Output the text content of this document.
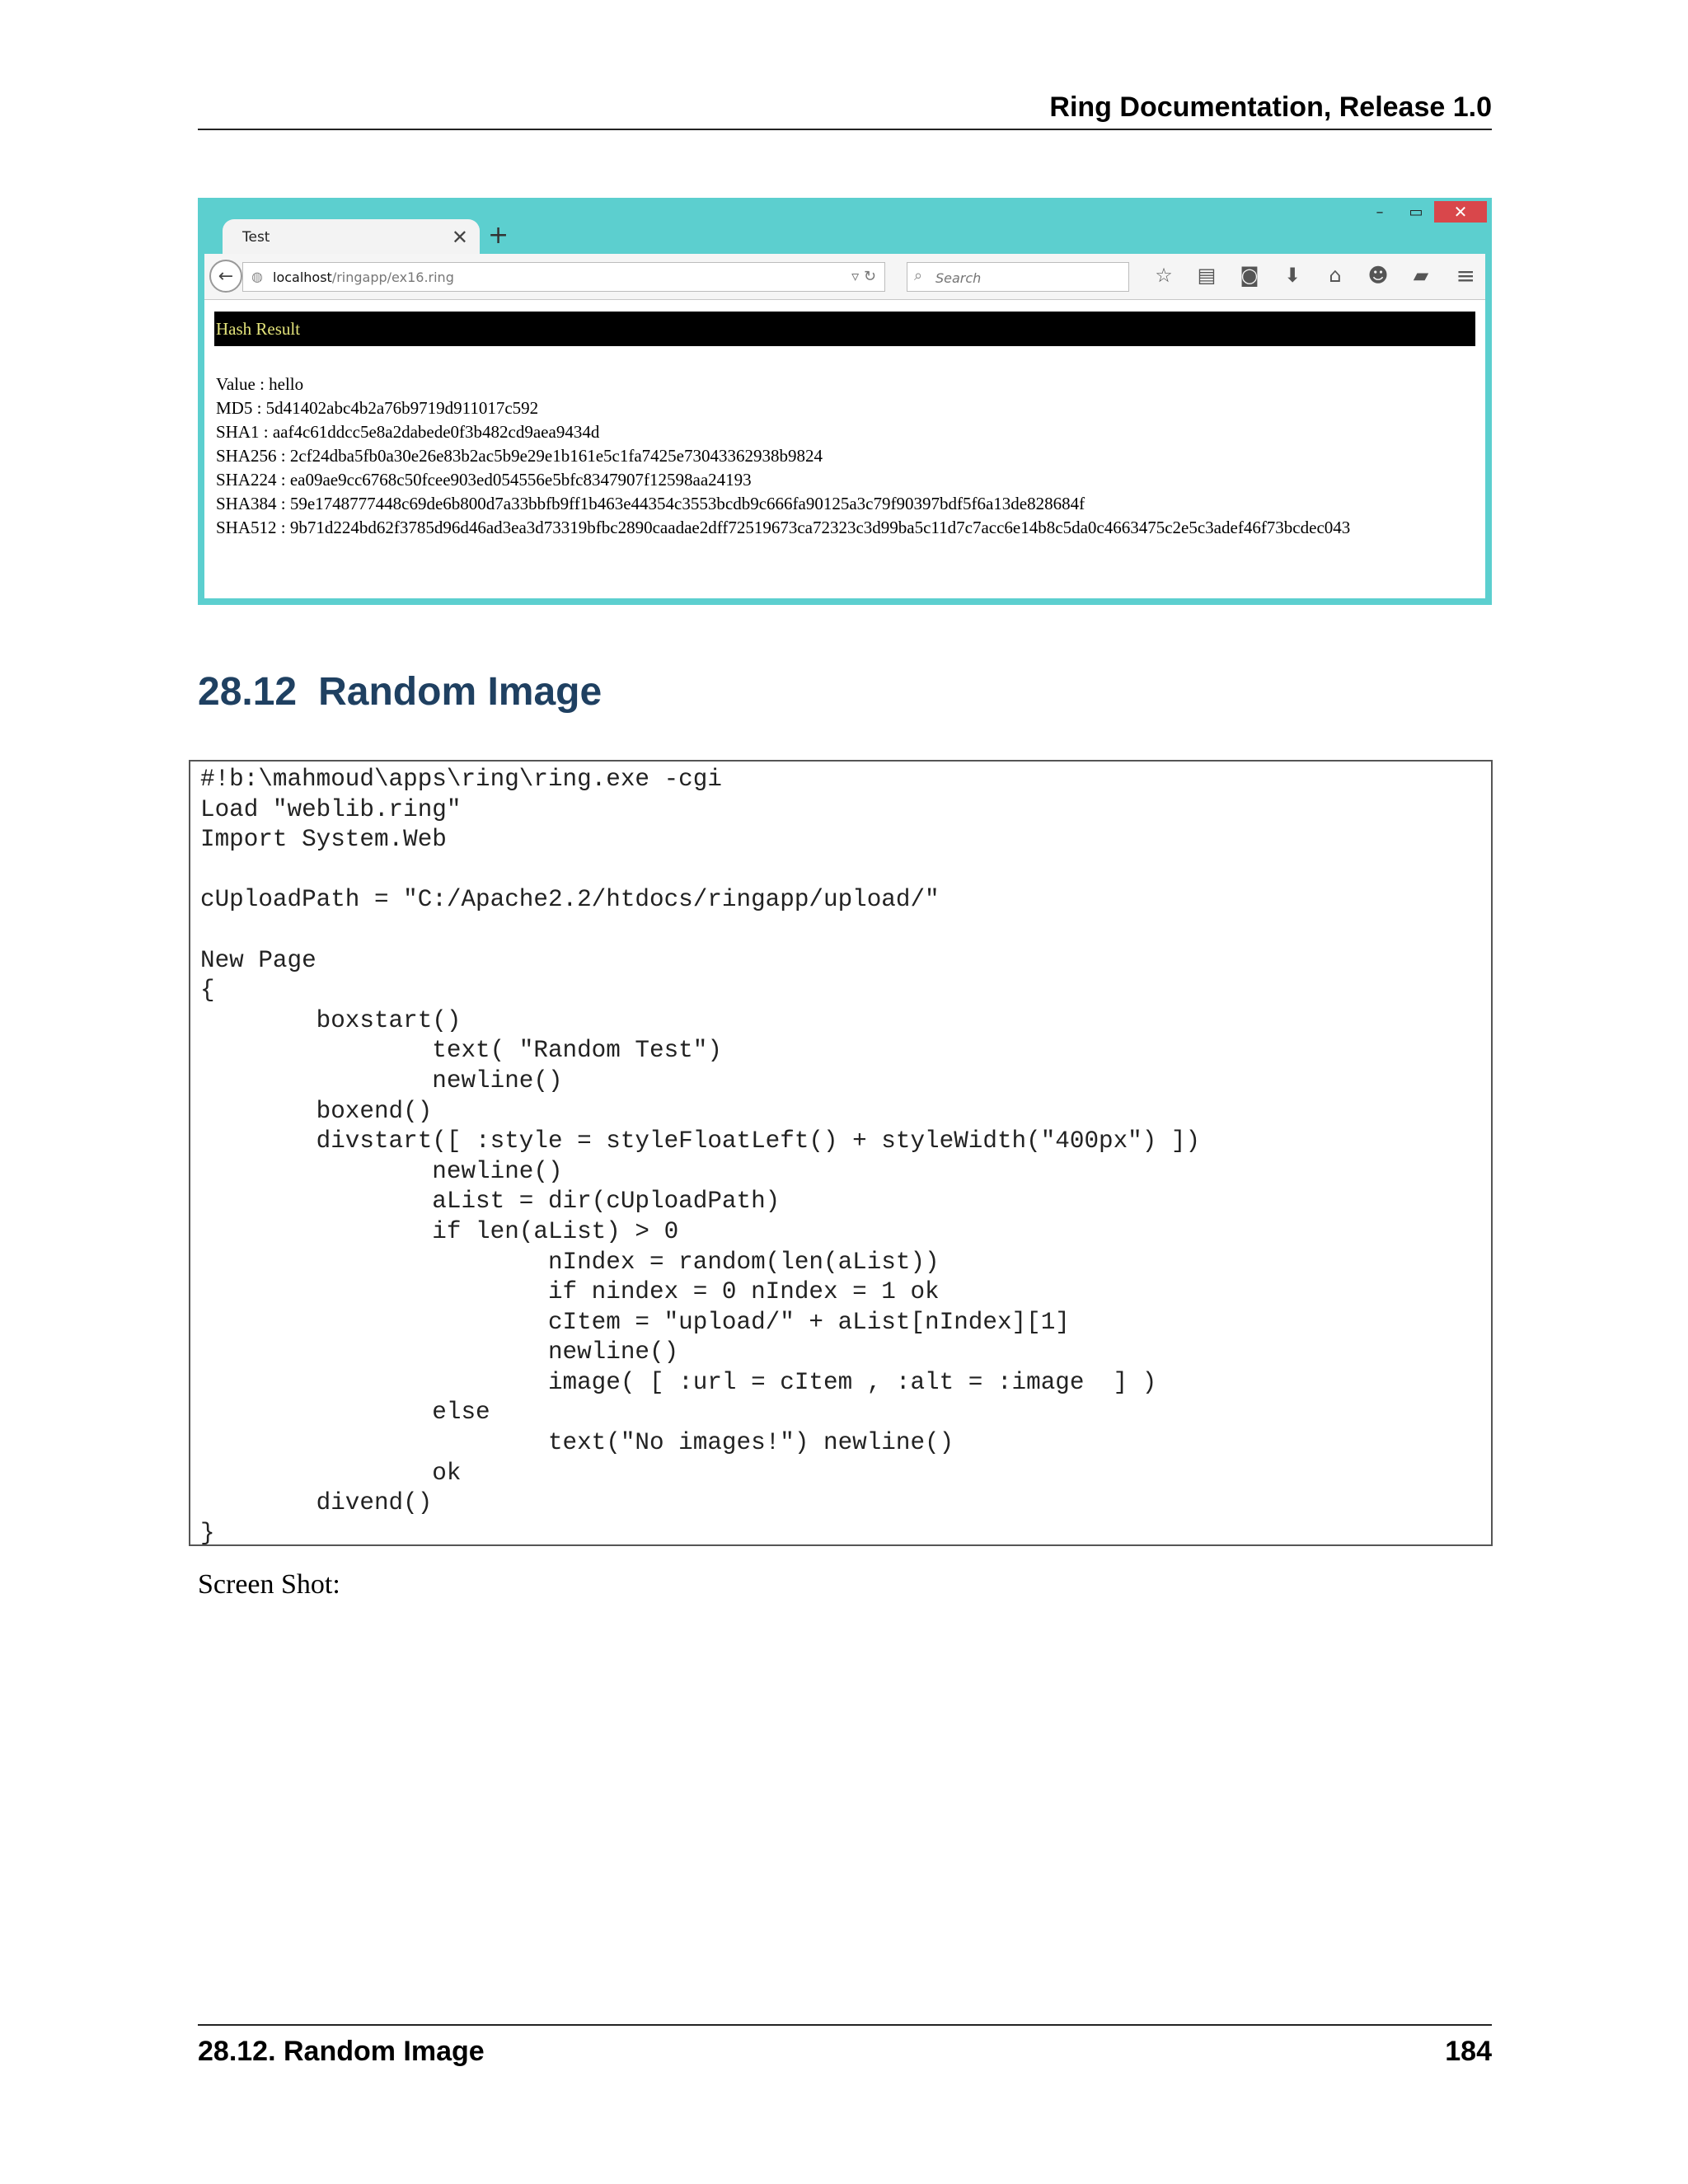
Ring Documentation, Release 1.0
–	▭	✕
Test	✕ +
←	◍ localhost/ringapp/ex16.ring	▿ ↻	⌕
Search	☆	▤	◙	⬇	⌂	☻	▰	≡
Hash Result
Value : hello
MD5 : 5d41402abc4b2a76b9719d911017c592
SHA1 : aaf4c61ddcc5e8a2dabede0f3b482cd9aea9434d
SHA256 : 2cf24dba5fb0a30e26e83b2ac5b9e29e1b161e5c1fa7425e73043362938b9824
SHA224 : ea09ae9cc6768c50fcee903ed054556e5bfc8347907f12598aa24193
SHA384 : 59e1748777448c69de6b800d7a33bbfb9ff1b463e44354c3553bcdb9c666fa90125a3c79f90397bdf5f6a13de828684f
SHA512 : 9b71d224bd62f3785d96d46ad3ea3d73319bfbc2890caadae2dff72519673ca72323c3d99ba5c11d7c7acc6e14b8c5da0c4663475c2e5c3adef46f73bcdec043
28.12 Random Image
#!b:\mahmoud\apps\ring\ring.exe -cgi
Load "weblib.ring"
Import System.Web

cUploadPath = "C:/Apache2.2/htdocs/ringapp/upload/"

New Page
{
boxstart()
text( "Random Test")
newline()
boxend()
divstart([ :style = styleFloatLeft() + styleWidth("400px") ])
newline()
aList = dir(cUploadPath)
if len(aList) > 0
nIndex = random(len(aList))
if nindex = 0 nIndex = 1 ok
cItem = "upload/" + aList[nIndex][1]
newline()
image( [ :url = cItem , :alt = :image  ] )
else
text("No images!") newline()
ok
divend()
}
Screen Shot:
28.12. Random Image	184
